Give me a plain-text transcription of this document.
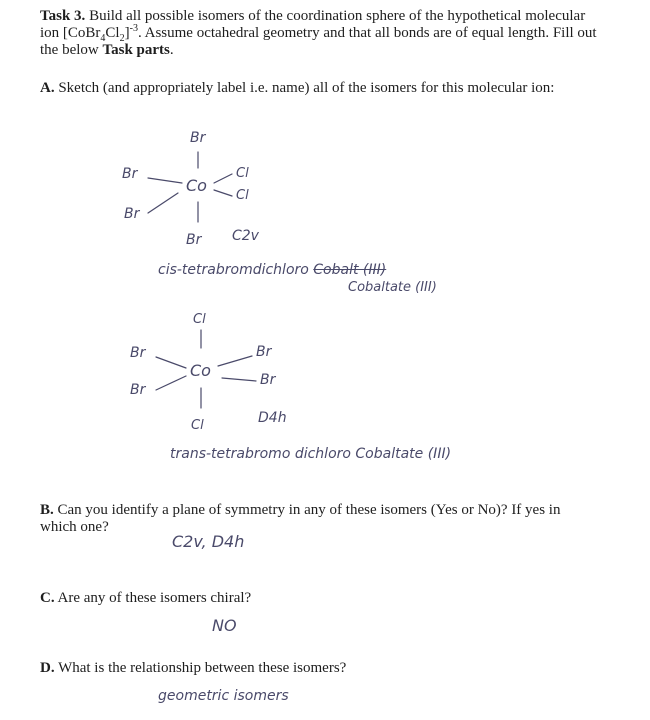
Task 3. Build all possible isomers of the coordination sphere of the hypothetical molecular ion $[CoBr_4Cl_2]^{-3}$. Assume octahedral geometry and that all bonds are of equal length. Fill out the below Task parts.
A. Sketch (and appropriately label i.e. name) all of the isomers for this molecular ion:
Br
Br
Br
Co
Cl
Cl
Br C2v
cis-tetrabromdichloro Cobalt (III)
Cobaltate (III)
Cl
Br
Br
Co
Br
Br
Cl	D4h
trans-tetrabromo dichloro Cobaltate (III)
B. Can you identify a plane of symmetry in any of these isomers (Yes or No)? If yes in which one?
C2v, D4h
C. Are any of these isomers chiral?
NO
D. What is the relationship between these isomers?
geometric isomers
